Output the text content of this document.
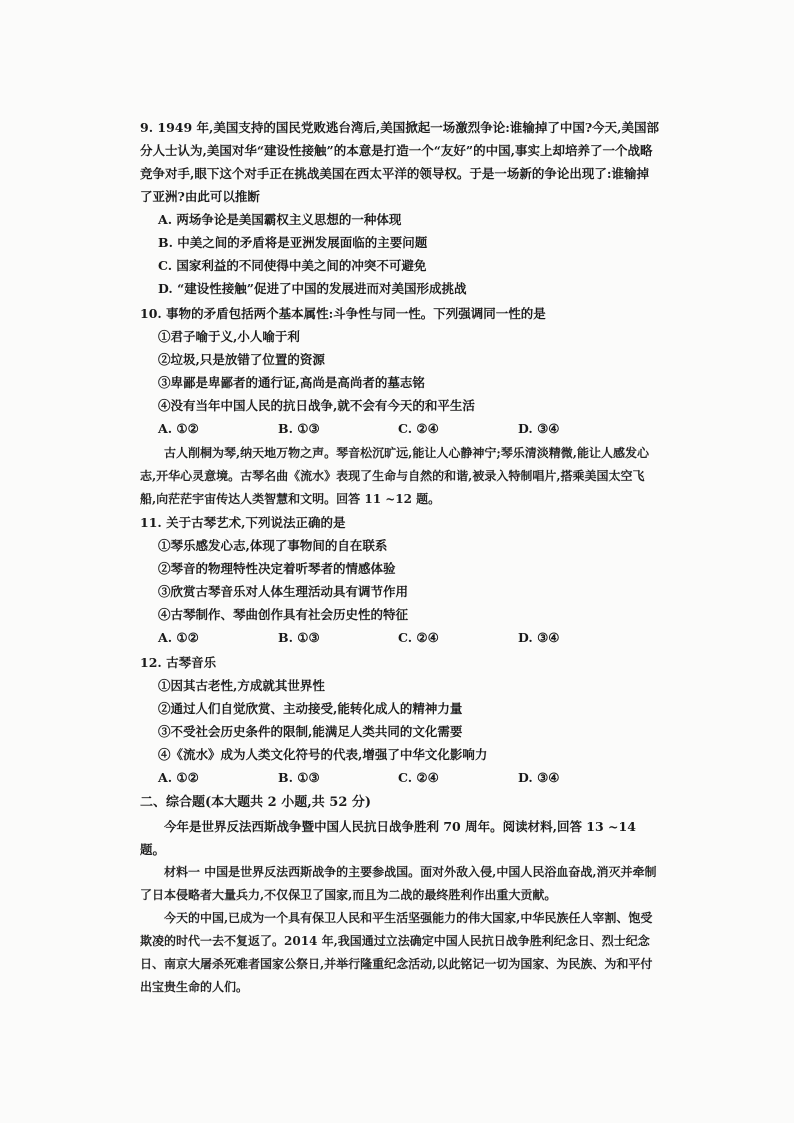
9. 1949 年,美国支持的国民党败逃台湾后,美国掀起一场激烈争论:谁输掉了中国?今天,美国部分人士认为,美国对华“建设性接触”的本意是打造一个“友好”的中国,事实上却培养了一个战略竞争对手,眼下这个对手正在挑战美国在西太平洋的领导权。于是一场新的争论出现了:谁输掉了亚洲?由此可以推断
A. 两场争论是美国霸权主义思想的一种体现
B. 中美之间的矛盾将是亚洲发展面临的主要问题
C. 国家利益的不同使得中美之间的冲突不可避免
D. “建设性接触”促进了中国的发展进而对美国形成挑战
10. 事物的矛盾包括两个基本属性:斗争性与同一性。下列强调同一性的是
①君子喻于义,小人喻于利
②垃圾,只是放错了位置的资源
③卑鄙是卑鄙者的通行证,高尚是高尚者的墓志铭
④没有当年中国人民的抗日战争,就不会有今天的和平生活
A. ①②	B. ①③	C. ②④	D. ③④
古人削桐为琴,纳天地万物之声。琴音松沉旷远,能让人心静神宁;琴乐清淡精微,能让人感发心志,开华心灵意境。古琴名曲《流水》表现了生命与自然的和谐,被录入特制唱片,搭乘美国太空飞船,向茫茫宇宙传达人类智慧和文明。回答 11 ~12 题。
11. 关于古琴艺术,下列说法正确的是
①琴乐感发心志,体现了事物间的自在联系
②琴音的物理特性决定着听琴者的情感体验
③欣赏古琴音乐对人体生理活动具有调节作用
④古琴制作、琴曲创作具有社会历史性的特征
A. ①②	B. ①③	C. ②④	D. ③④
12. 古琴音乐
①因其古老性,方成就其世界性
②通过人们自觉欣赏、主动接受,能转化成人的精神力量
③不受社会历史条件的限制,能满足人类共同的文化需要
④《流水》成为人类文化符号的代表,增强了中华文化影响力
A. ①②	B. ①③	C. ②④	D. ③④
二、综合题(本大题共 2 小题,共 52 分)
今年是世界反法西斯战争暨中国人民抗日战争胜利 70 周年。阅读材料,回答 13 ~14 题。
材料一 中国是世界反法西斯战争的主要参战国。面对外敌入侵,中国人民浴血奋战,消灭并牵制了日本侵略者大量兵力,不仅保卫了国家,而且为二战的最终胜利作出重大贡献。
今天的中国,已成为一个具有保卫人民和平生活坚强能力的伟大国家,中华民族任人宰割、饱受欺凌的时代一去不复返了。2014 年,我国通过立法确定中国人民抗日战争胜利纪念日、烈士纪念日、南京大屠杀死难者国家公祭日,并举行隆重纪念活动,以此铭记一切为国家、为民族、为和平付出宝贵生命的人们。
